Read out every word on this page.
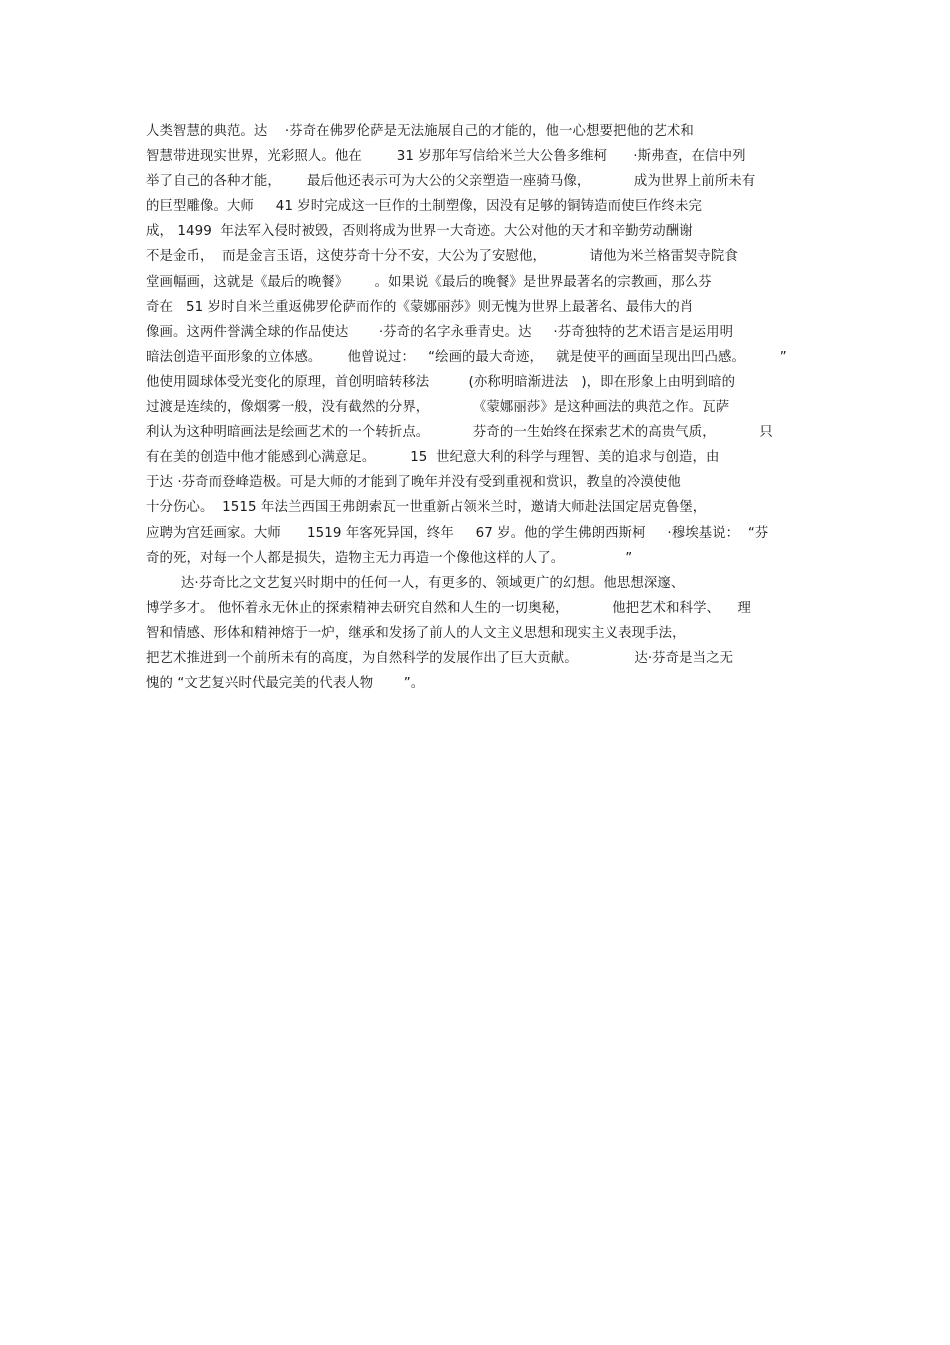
人类智慧的典范。达    ·芬奇在佛罗伦萨是无法施展自己的才能的，他一心想要把他的艺术和
智慧带进现实世界，光彩照人。他在        31 岁那年写信给米兰大公鲁多维柯      ·斯弗查，在信中列
举了自己的各种才能，      最后他还表示可为大公的父亲塑造一座骑马像，          成为世界上前所未有
的巨型雕像。大师     41 岁时完成这一巨作的土制塑像，因没有足够的铜铸造而使巨作终未完
成， 1499  年法军入侵时被毁，否则将成为世界一大奇迹。大公对他的天才和辛勤劳动酬谢
不是金币，  而是金言玉语，这使芬奇十分不安，大公为了安慰他，          请他为米兰格雷契寺院食
堂画幅画，这就是《最后的晚餐》      。如果说《最后的晚餐》是世界最著名的宗教画，那么芬
奇在   51 岁时自米兰重返佛罗伦萨而作的《蒙娜丽莎》则无愧为世界上最著名、最伟大的肖
像画。这两件誉满全球的作品使达       ·芬奇的名字永垂青史。达     ·芬奇独特的艺术语言是运用明
暗法创造平面形象的立体感。      他曾说过：   “绘画的最大奇迹，   就是使平的画面呈现出凹凸感。        ”
他使用圆球体受光变化的原理，首创明暗转移法         (亦称明暗渐进法   )，即在形象上由明到暗的
过渡是连续的，像烟雾一般，没有截然的分界，          《蒙娜丽莎》是这种画法的典范之作。瓦萨
利认为这种明暗画法是绘画艺术的一个转折点。          芬奇的一生始终在探索艺术的高贵气质，          只
有在美的创造中他才能感到心满意足。        15  世纪意大利的科学与理智、美的追求与创造，由
于达 ·芬奇而登峰造极。可是大师的才能到了晚年并没有受到重视和赏识，教皇的冷漠使他
十分伤心。  1515 年法兰西国王弗朗索瓦一世重新占领米兰时，邀请大师赴法国定居克鲁堡，
应聘为宫廷画家。大师      1519 年客死异国，终年     67 岁。他的学生佛朗西斯柯     ·穆埃基说：  “芬
奇的死，对每一个人都是损失，造物主无力再造一个像他这样的人了。              ”
达·芬奇比之文艺复兴时期中的任何一人，有更多的、领域更广的幻想。他思想深邃、
博学多才。 他怀着永无休止的探索精神去研究自然和人生的一切奥秘，          他把艺术和科学、    理
智和情感、形体和精神熔于一炉，继承和发扬了前人的人文主义思想和现实主义表现手法，
把艺术推进到一个前所未有的高度，为自然科学的发展作出了巨大贡献。             达·芬奇是当之无
愧的 “文艺复兴时代最完美的代表人物       ”。
